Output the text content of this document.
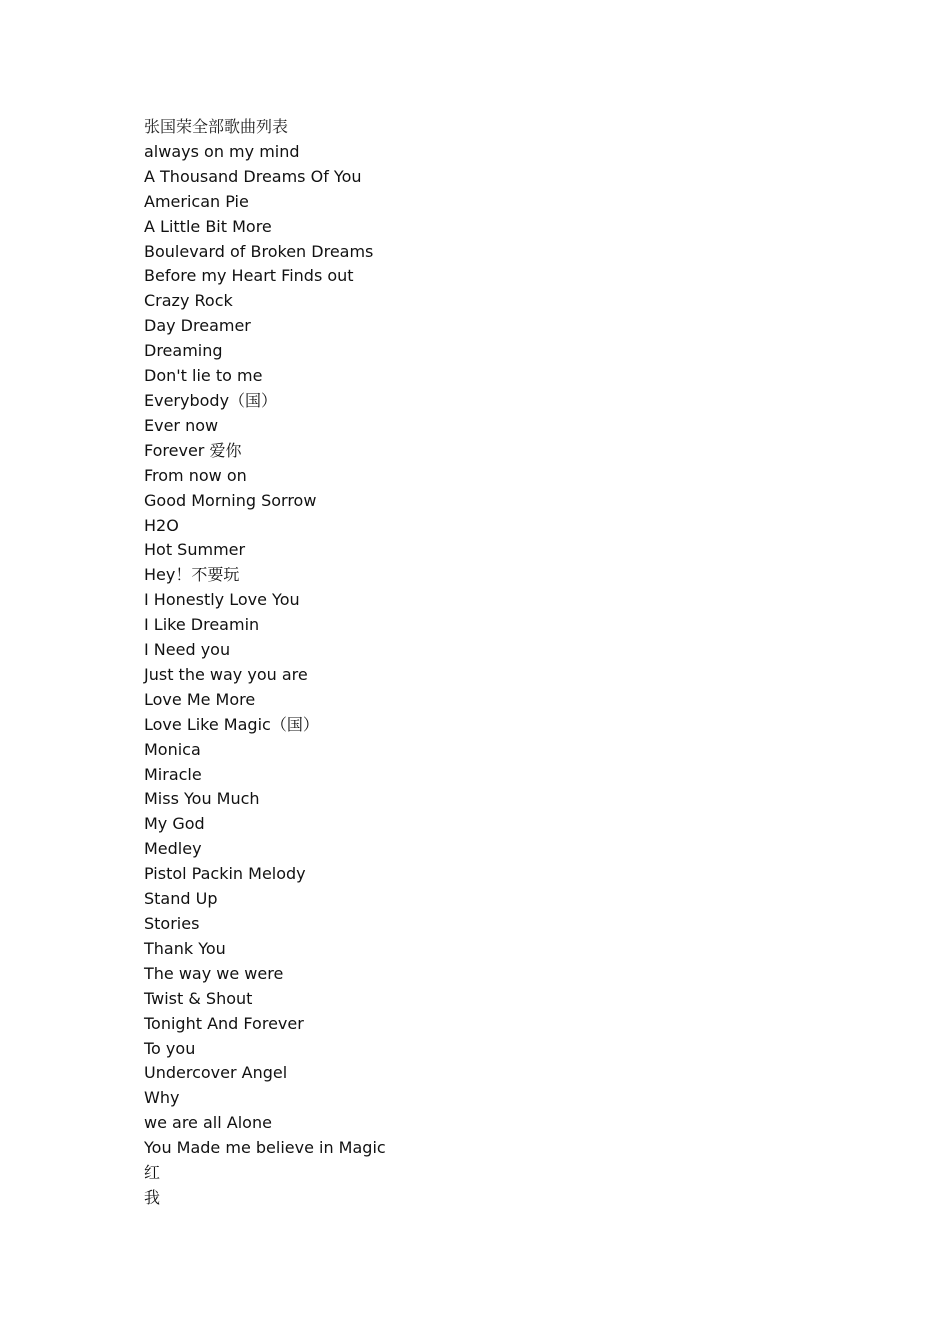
张国荣全部歌曲列表
always on my mind
A Thousand Dreams Of You
American Pie
A Little Bit More
Boulevard of Broken Dreams
Before my Heart Finds out
Crazy Rock
Day Dreamer
Dreaming
Don't lie to me
Everybody（国）
Ever now
Forever 爱你
From now on
Good Morning Sorrow
H2O
Hot Summer
Hey！不要玩
I Honestly Love You
I Like Dreamin
I Need you
Just the way you are
Love Me More
Love Like Magic（国）
Monica
Miracle
Miss You Much
My God
Medley
Pistol Packin Melody
Stand Up
Stories
Thank You
The way we were
Twist & Shout
Tonight And Forever
To you
Undercover Angel
Why
we are all Alone
You Made me believe in Magic
红
我
